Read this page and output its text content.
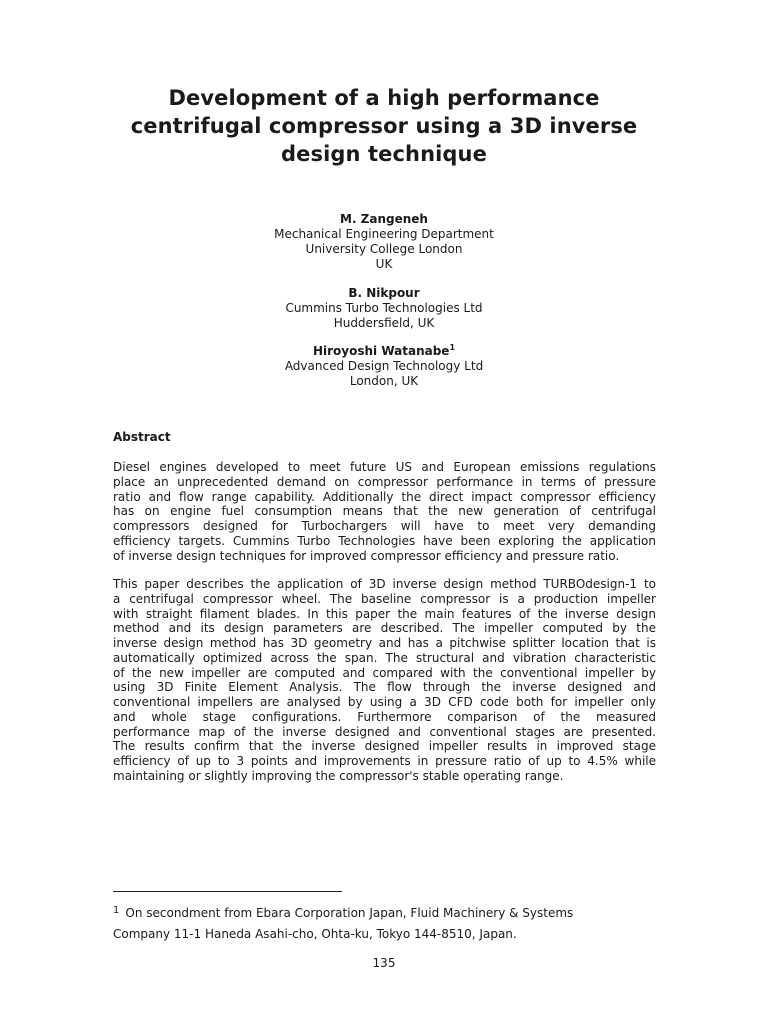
Development of a high performance
centrifugal compressor using a 3D inverse
design technique
M. Zangeneh
Mechanical Engineering Department
University College London
UK
B. Nikpour
Cummins Turbo Technologies Ltd
Huddersfield, UK
Hiroyoshi Watanabe$^1$
Advanced Design Technology Ltd
London, UK
Abstract

Diesel engines developed to meet future US and European emissions regulations
place an unprecedented demand on compressor performance in terms of pressure
ratio and flow range capability. Additionally the direct impact compressor efficiency
has on engine fuel consumption means that the new generation of centrifugal
compressors designed for Turbochargers will have to meet very demanding
efficiency targets. Cummins Turbo Technologies have been exploring the application
of inverse design techniques for improved compressor efficiency and pressure ratio.

This paper describes the application of 3D inverse design method TURBOdesign-1 to
a centrifugal compressor wheel. The baseline compressor is a production impeller
with straight filament blades. In this paper the main features of the inverse design
method and its design parameters are described. The impeller computed by the
inverse design method has 3D geometry and has a pitchwise splitter location that is
automatically optimized across the span. The structural and vibration characteristic
of the new impeller are computed and compared with the conventional impeller by
using 3D Finite Element Analysis. The flow through the inverse designed and
conventional impellers are analysed by using a 3D CFD code both for impeller only
and whole stage configurations. Furthermore comparison of the measured
performance map of the inverse designed and conventional stages are presented.
The results confirm that the inverse designed impeller results in improved stage
efficiency of up to 3 points and improvements in pressure ratio of up to 4.5% while
maintaining or slightly improving the compressor's stable operating range.

$^1$ On secondment from Ebara Corporation Japan, Fluid Machinery & Systems
Company 11-1 Haneda Asahi-cho, Ohta-ku, Tokyo 144-8510, Japan.
135
